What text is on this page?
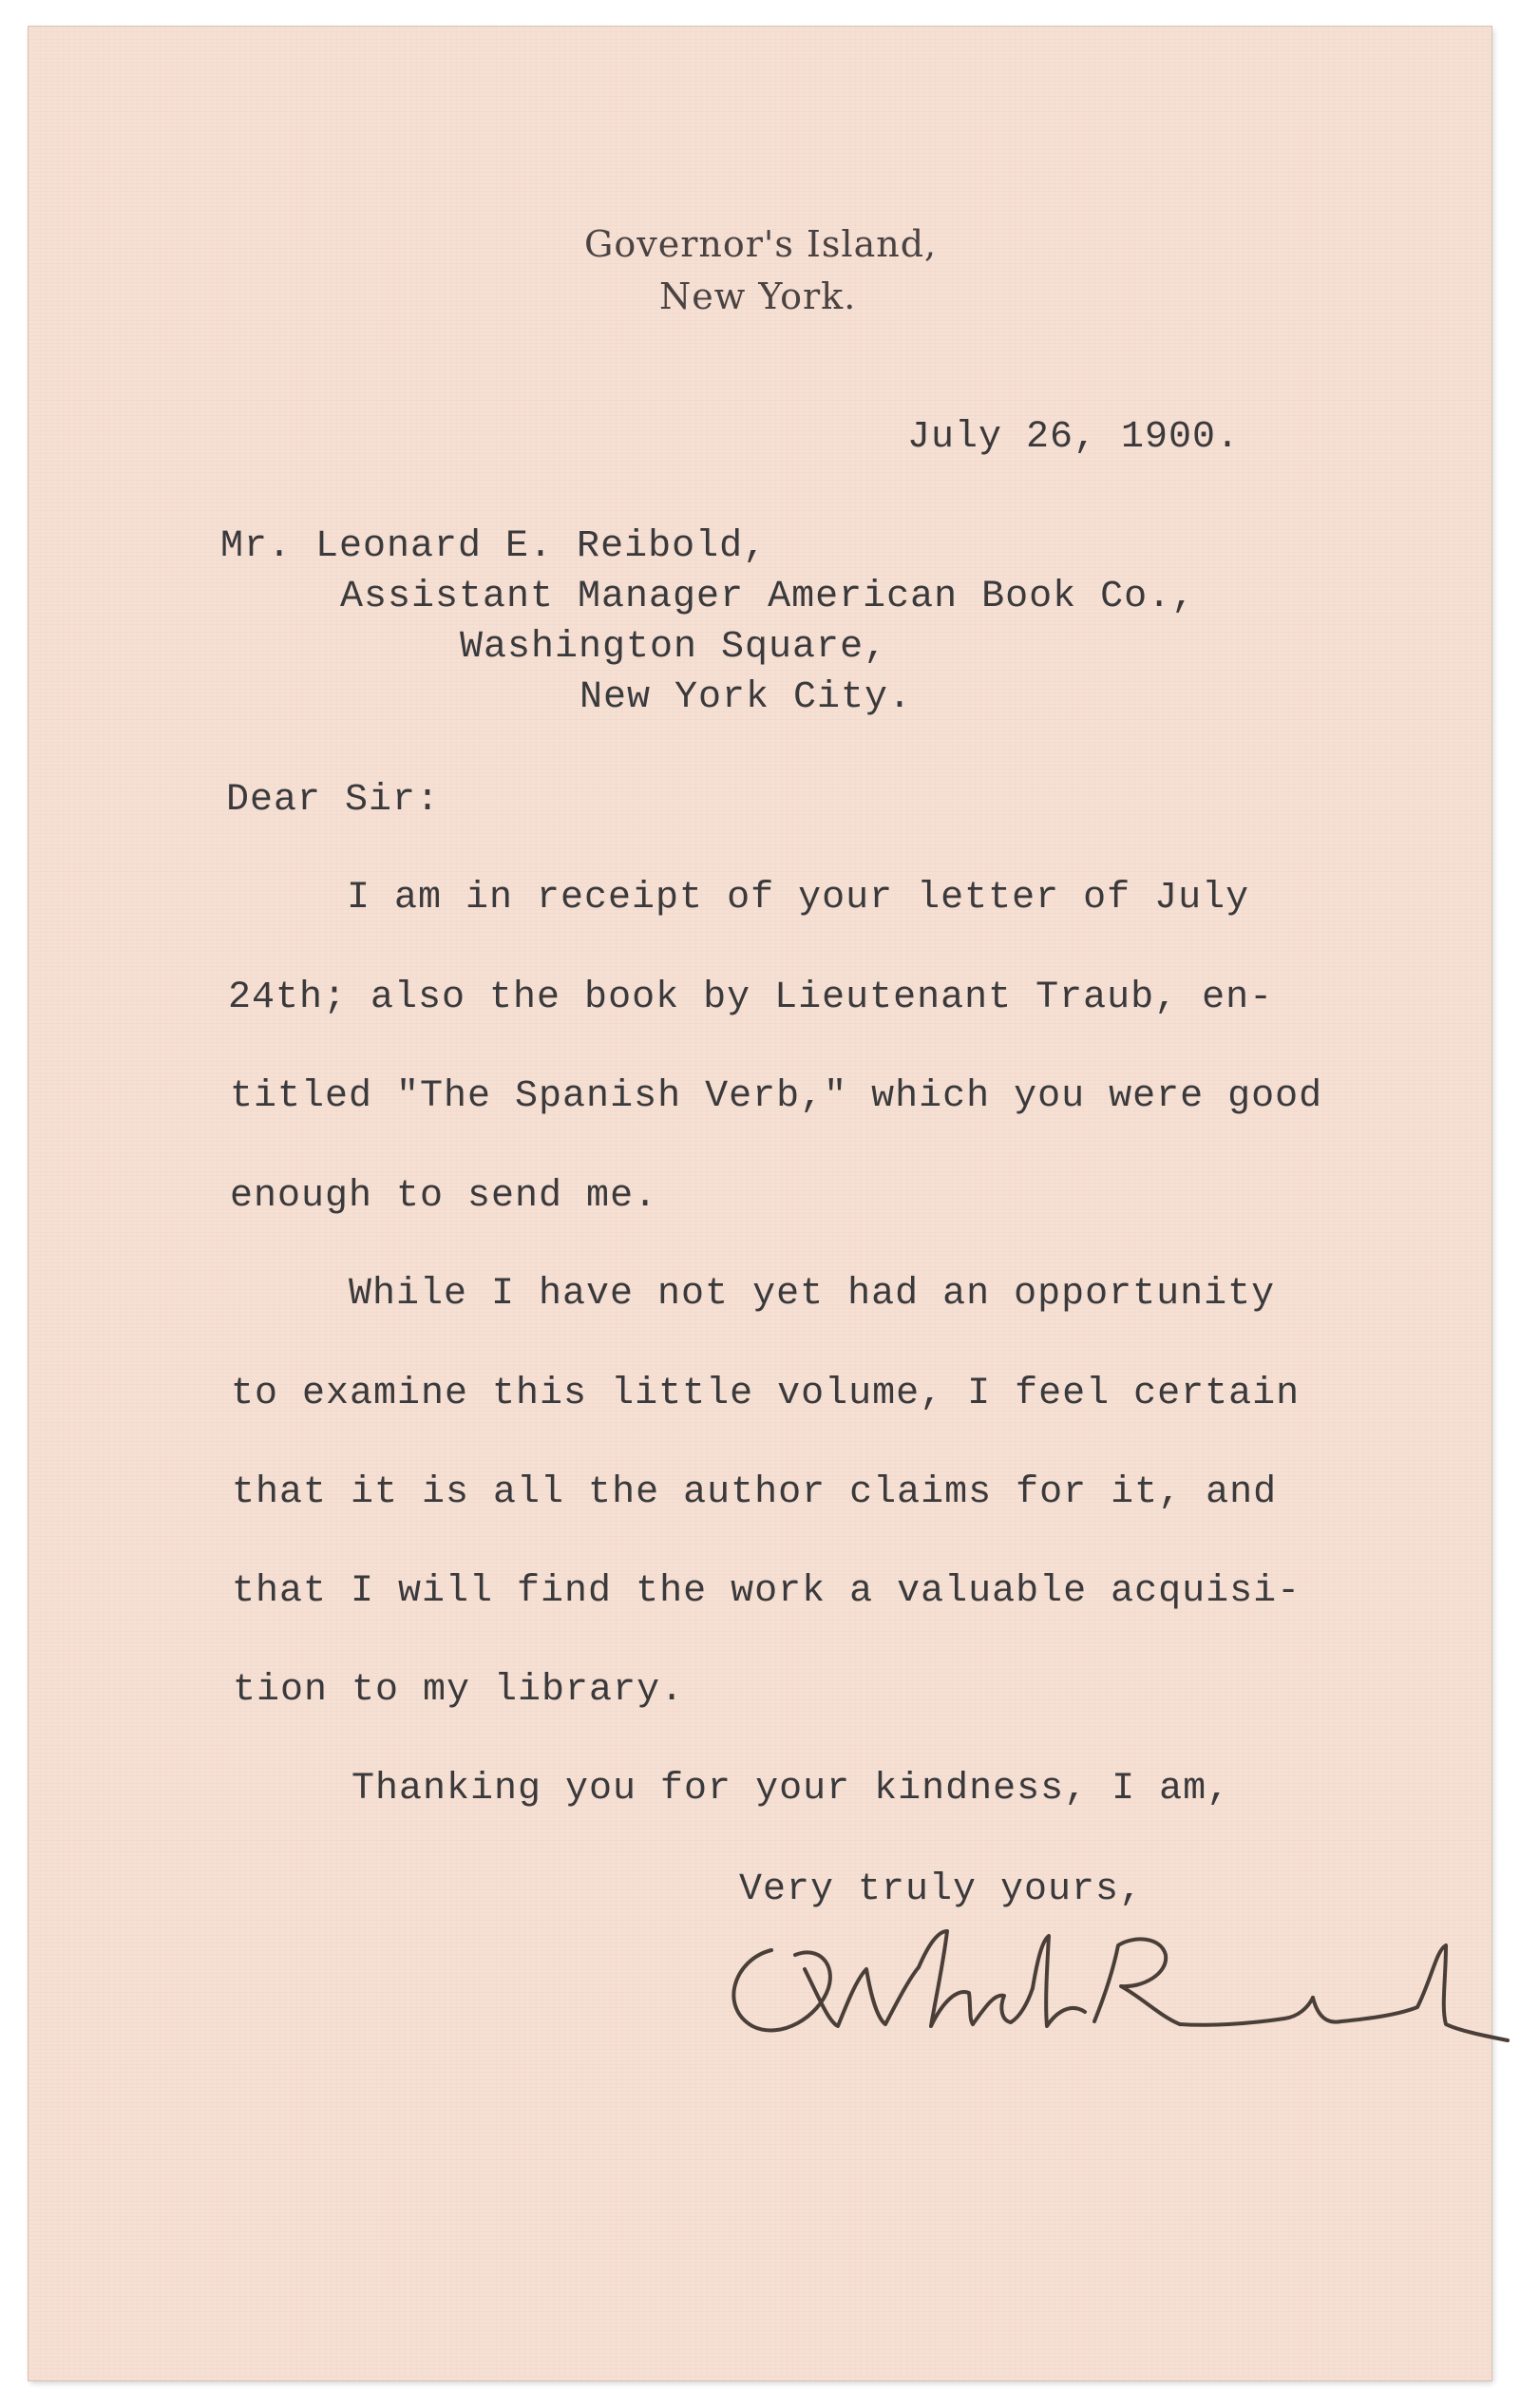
Governor's Island,
New York.
July 26, 1900.
Mr. Leonard E. Reibold,
Assistant Manager American Book Co.,
Washington Square,
New York City.
Dear Sir:
I am in receipt of your letter of July
24th; also the book by Lieutenant Traub, en-
titled "The Spanish Verb," which you were good
enough to send me.
While I have not yet had an opportunity
to examine this little volume, I feel certain
that it is all the author claims for it, and
that I will find the work a valuable acquisi-
tion to my library.
Thanking you for your kindness, I am,
Very truly yours,
